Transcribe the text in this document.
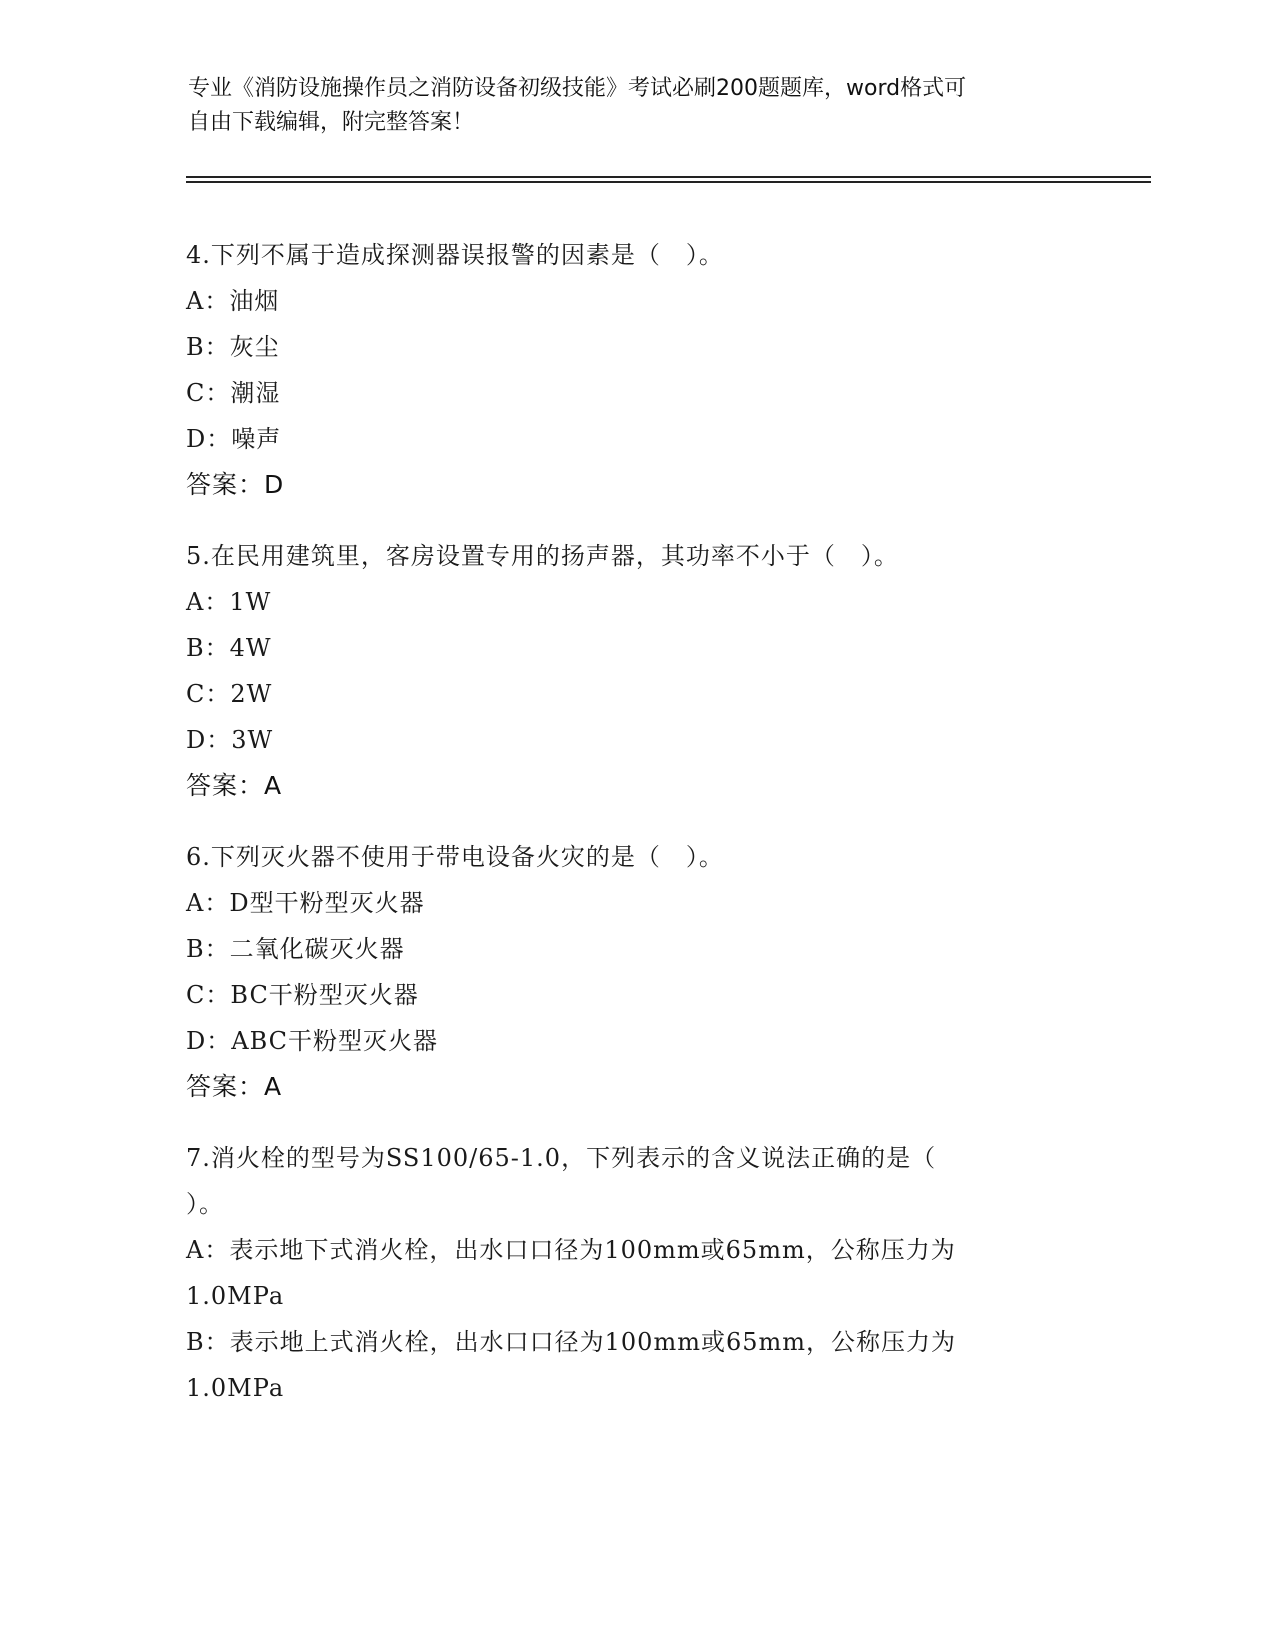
专业《消防设施操作员之消防设备初级技能》考试必刷200题题库，word格式可
自由下载编辑，附完整答案！
4.下列不属于造成探测器误报警的因素是（　）。
A：油烟
B：灰尘
C：潮湿
D：噪声
答案：D
5.在民用建筑里，客房设置专用的扬声器，其功率不小于（　）。
A：1W
B：4W
C：2W
D：3W
答案：A
6.下列灭火器不使用于带电设备火灾的是（　）。
A：D型干粉型灭火器
B：二氧化碳灭火器
C：BC干粉型灭火器
D：ABC干粉型灭火器
答案：A
7.消火栓的型号为SS100/65-1.0，下列表示的含义说法正确的是（
）。
A：表示地下式消火栓，出水口口径为100mm或65mm，公称压力为
1.0MPa
B：表示地上式消火栓，出水口口径为100mm或65mm，公称压力为
1.0MPa
